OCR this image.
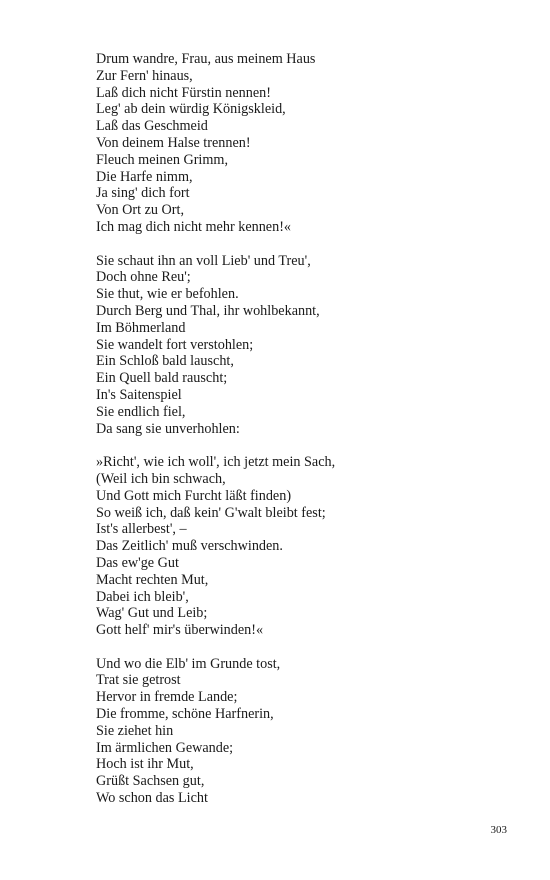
Drum wandre, Frau, aus meinem Haus
Zur Fern' hinaus,
Laß dich nicht Fürstin nennen!
Leg' ab dein würdig Königskleid,
Laß das Geschmeid
Von deinem Halse trennen!
Fleuch meinen Grimm,
Die Harfe nimm,
Ja sing' dich fort
Von Ort zu Ort,
Ich mag dich nicht mehr kennen!«
Sie schaut ihn an voll Lieb' und Treu',
Doch ohne Reu';
Sie thut, wie er befohlen.
Durch Berg und Thal, ihr wohlbekannt,
Im Böhmerland
Sie wandelt fort verstohlen;
Ein Schloß bald lauscht,
Ein Quell bald rauscht;
In's Saitenspiel
Sie endlich fiel,
Da sang sie unverhohlen:
»Richt', wie ich woll', ich jetzt mein Sach,
(Weil ich bin schwach,
Und Gott mich Furcht läßt finden)
So weiß ich, daß kein' G'walt bleibt fest;
Ist's allerbest', –
Das Zeitlich' muß verschwinden.
Das ew'ge Gut
Macht rechten Mut,
Dabei ich bleib',
Wag' Gut und Leib;
Gott helf' mir's überwinden!«
Und wo die Elb' im Grunde tost,
Trat sie getrost
Hervor in fremde Lande;
Die fromme, schöne Harfnerin,
Sie ziehet hin
Im ärmlichen Gewande;
Hoch ist ihr Mut,
Grüßt Sachsen gut,
Wo schon das Licht
303
